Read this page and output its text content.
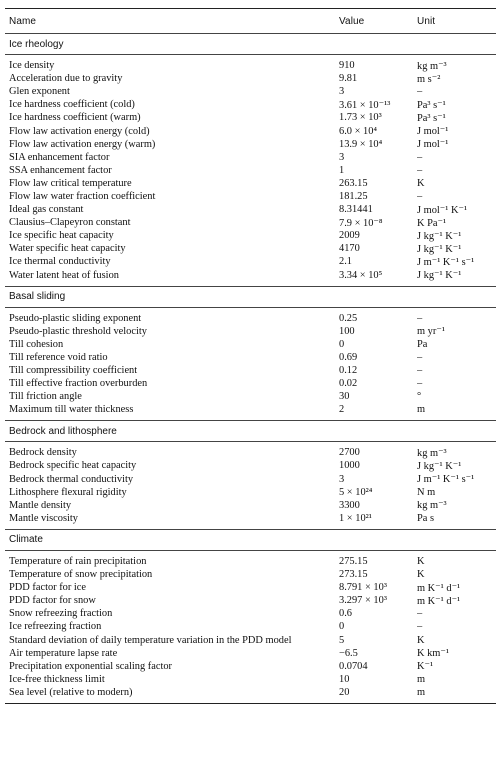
Name	Value	Unit
Ice rheology
Ice density	910	kg m⁻³
Acceleration due to gravity	9.81	m s⁻²
Glen exponent	3	–
Ice hardness coefficient (cold)	3.61 × 10⁻¹³	Pa³ s⁻¹
Ice hardness coefficient (warm)	1.73 × 10³	Pa³ s⁻¹
Flow law activation energy (cold)	6.0 × 10⁴	J mol⁻¹
Flow law activation energy (warm)	13.9 × 10⁴	J mol⁻¹
SIA enhancement factor	3	–
SSA enhancement factor	1	–
Flow law critical temperature	263.15	K
Flow law water fraction coefficient	181.25	–
Ideal gas constant	8.31441	J mol⁻¹ K⁻¹
Clausius–Clapeyron constant	7.9 × 10⁻⁸	K Pa⁻¹
Ice specific heat capacity	2009	J kg⁻¹ K⁻¹
Water specific heat capacity	4170	J kg⁻¹ K⁻¹
Ice thermal conductivity	2.1	J m⁻¹ K⁻¹ s⁻¹
Water latent heat of fusion	3.34 × 10⁵	J kg⁻¹ K⁻¹
Basal sliding
Pseudo-plastic sliding exponent	0.25	–
Pseudo-plastic threshold velocity	100	m yr⁻¹
Till cohesion	0	Pa
Till reference void ratio	0.69	–
Till compressibility coefficient	0.12	–
Till effective fraction overburden	0.02	–
Till friction angle	30	°
Maximum till water thickness	2	m
Bedrock and lithosphere
Bedrock density	2700	kg m⁻³
Bedrock specific heat capacity	1000	J kg⁻¹ K⁻¹
Bedrock thermal conductivity	3	J m⁻¹ K⁻¹ s⁻¹
Lithosphere flexural rigidity	5 × 10²⁴	N m
Mantle density	3300	kg m⁻³
Mantle viscosity	1 × 10²¹	Pa s
Climate
Temperature of rain precipitation	275.15	K
Temperature of snow precipitation	273.15	K
PDD factor for ice	8.791 × 10³	m K⁻¹ d⁻¹
PDD factor for snow	3.297 × 10³	m K⁻¹ d⁻¹
Snow refreezing fraction	0.6	–
Ice refreezing fraction	0	–
Standard deviation of daily temperature variation in the PDD model	5	K
Air temperature lapse rate	−6.5	K km⁻¹
Precipitation exponential scaling factor	0.0704	K⁻¹
Ice-free thickness limit	10	m
Sea level (relative to modern)	20	m
